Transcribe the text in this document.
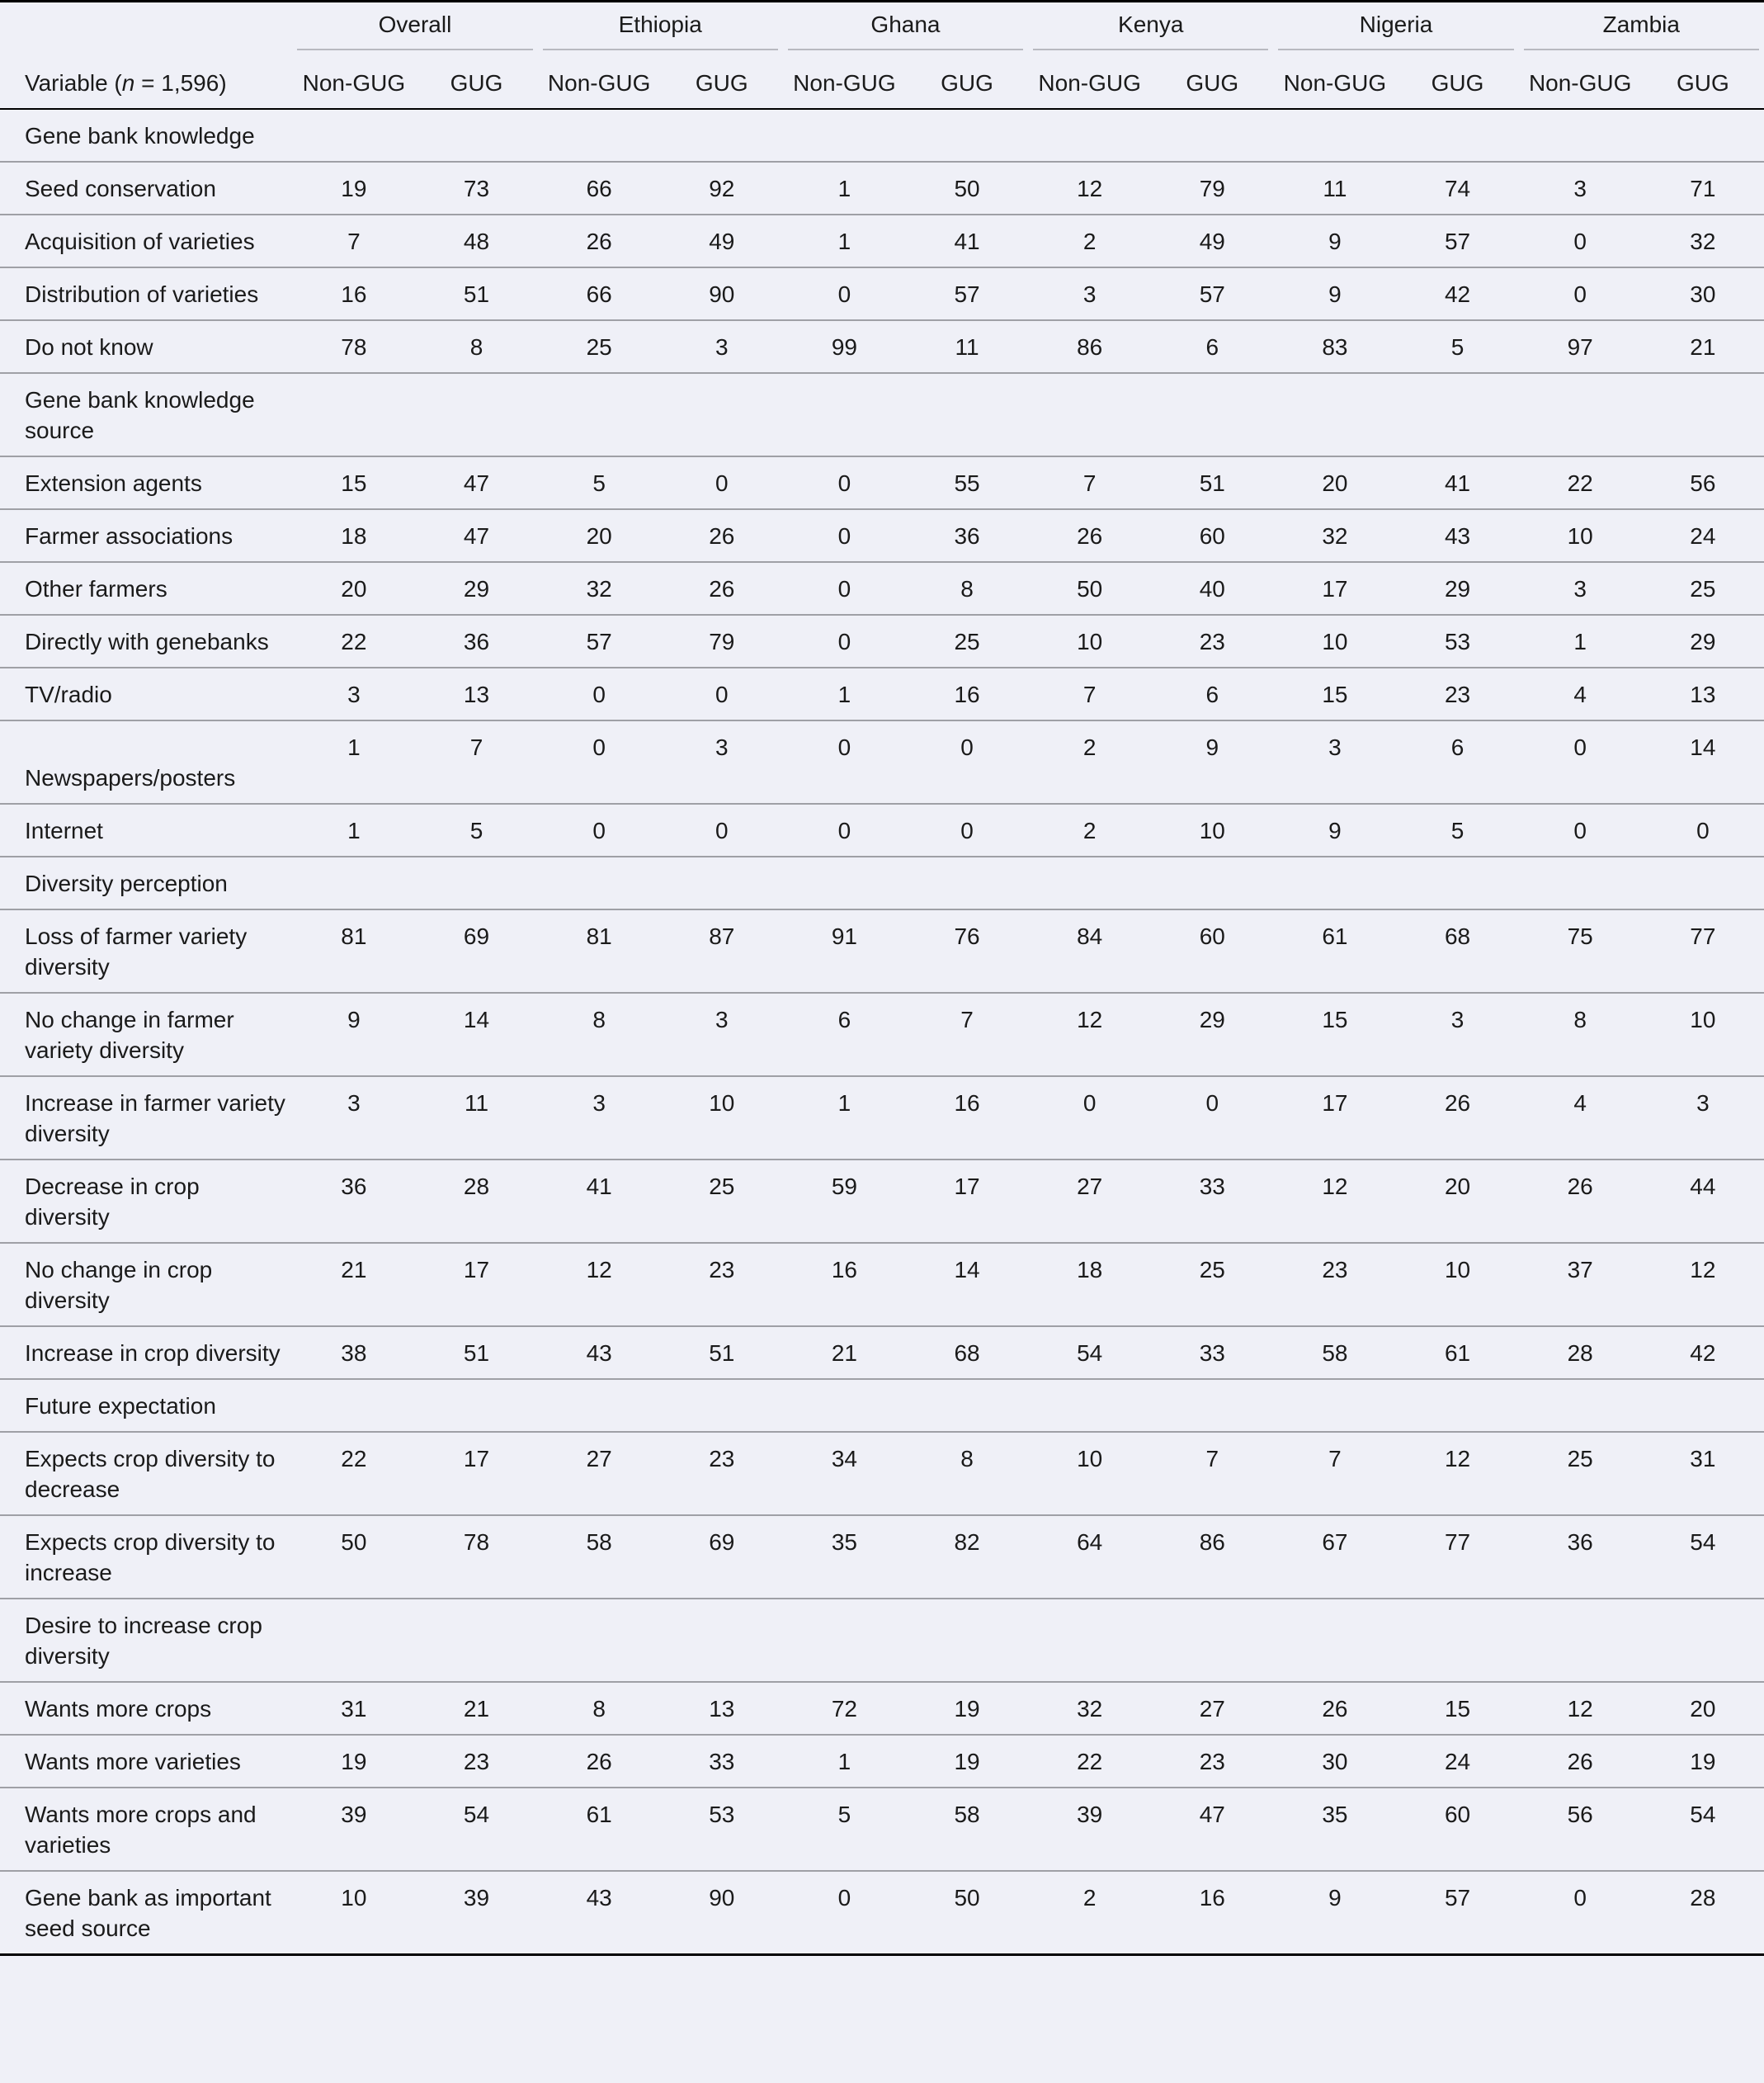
	Overall		Ethiopia		Ghana		Kenya		Nigeria		Zambia	

Variable (n = 1,596)	Non-GUG	GUG	Non-GUG	GUG	Non-GUG	GUG	Non-GUG	GUG	Non-GUG	GUG	Non-GUG	GUG
Gene bank knowledge												
Seed conservation	19	73	66	92	1	50	12	79	11	74	3	71
Acquisition of varieties	7	48	26	49	1	41	2	49	9	57	0	32
Distribution of varieties	16	51	66	90	0	57	3	57	9	42	0	30
Do not know	78	8	25	3	99	11	86	6	83	5	97	21
Gene bank knowledge source												
Extension agents	15	47	5	0	0	55	7	51	20	41	22	56
Farmer associations	18	47	20	26	0	36	26	60	32	43	10	24
Other farmers	20	29	32	26	0	8	50	40	17	29	3	25
Directly with genebanks	22	36	57	79	0	25	10	23	10	53	1	29
TV/radio	3	13	0	0	1	16	7	6	15	23	4	13
Newspapers/posters	1	7	0	3	0	0	2	9	3	6	0	14
Internet	1	5	0	0	0	0	2	10	9	5	0	0
Diversity perception												
Loss of farmer variety diversity	81	69	81	87	91	76	84	60	61	68	75	77
No change in farmer variety diversity	9	14	8	3	6	7	12	29	15	3	8	10
Increase in farmer variety diversity	3	11	3	10	1	16	0	0	17	26	4	3
Decrease in crop diversity	36	28	41	25	59	17	27	33	12	20	26	44
No change in crop diversity	21	17	12	23	16	14	18	25	23	10	37	12
Increase in crop diversity	38	51	43	51	21	68	54	33	58	61	28	42
Future expectation												
Expects crop diversity to decrease	22	17	27	23	34	8	10	7	7	12	25	31
Expects crop diversity to increase	50	78	58	69	35	82	64	86	67	77	36	54
Desire to increase crop diversity												
Wants more crops	31	21	8	13	72	19	32	27	26	15	12	20
Wants more varieties	19	23	26	33	1	19	22	23	30	24	26	19
Wants more crops and varieties	39	54	61	53	5	58	39	47	35	60	56	54
Gene bank as important seed source	10	39	43	90	0	50	2	16	9	57	0	28
